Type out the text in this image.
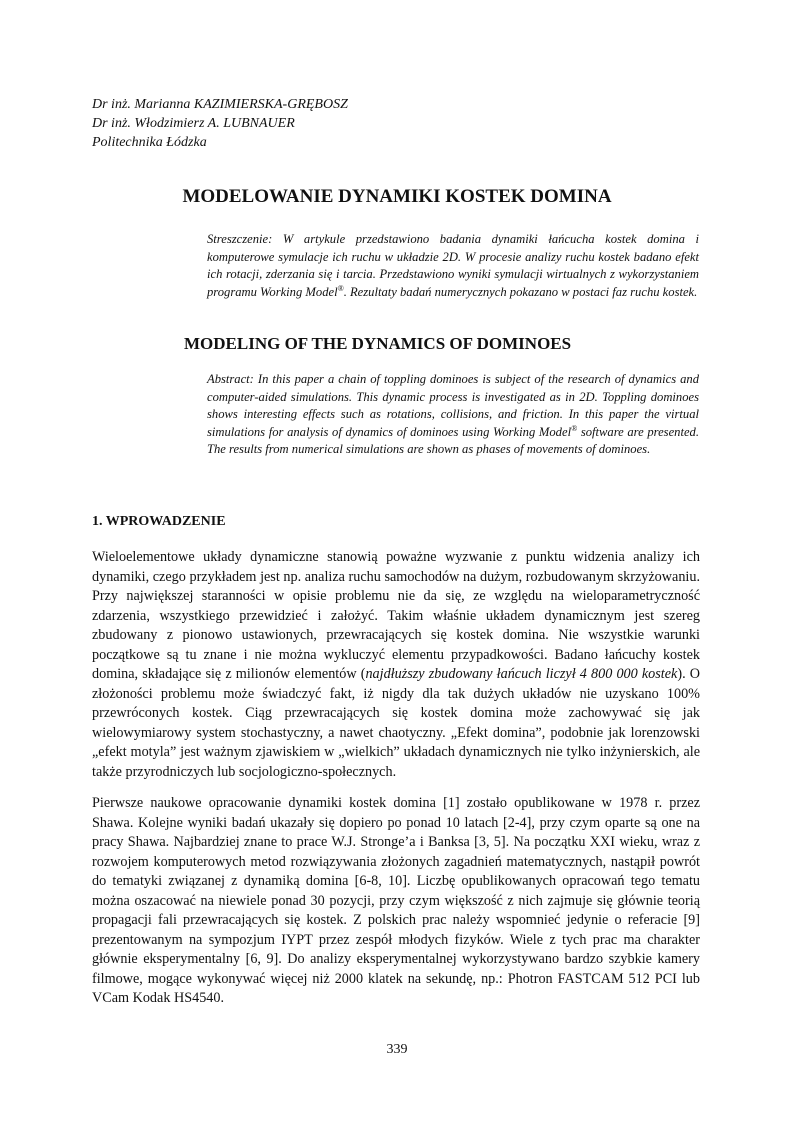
Dr inż. Marianna KAZIMIERSKA-GRĘBOSZ
Dr inż. Włodzimierz A. LUBNAUER
Politechnika Łódzka
MODELOWANIE DYNAMIKI KOSTEK DOMINA
Streszczenie: W artykule przedstawiono badania dynamiki łańcucha kostek domina i komputerowe symulacje ich ruchu w układzie 2D. W procesie analizy ruchu kostek badano efekt ich rotacji, zderzania się i tarcia. Przedstawiono wyniki symulacji wirtualnych z wykorzystaniem programu Working Model®. Rezultaty badań numerycznych pokazano w postaci faz ruchu kostek.
MODELING OF THE DYNAMICS OF DOMINOES
Abstract: In this paper a chain of toppling dominoes is subject of the research of dynamics and computer-aided simulations. This dynamic process is investigated as in 2D. Toppling dominoes shows interesting effects such as rotations, collisions, and friction. In this paper the virtual simulations for analysis of dynamics of dominoes using Working Model® software are presented. The results from numerical simulations are shown as phases of movements of dominoes.
1. WPROWADZENIE
Wieloelementowe układy dynamiczne stanowią poważne wyzwanie z punktu widzenia analizy ich dynamiki, czego przykładem jest np. analiza ruchu samochodów na dużym, rozbudowanym skrzyżowaniu. Przy największej staranności w opisie problemu nie da się, ze względu na wieloparametryczność zdarzenia, wszystkiego przewidzieć i założyć. Takim właśnie układem dynamicznym jest szereg zbudowany z pionowo ustawionych, przewracających się kostek domina. Nie wszystkie warunki początkowe są tu znane i nie można wykluczyć elementu przypadkowości. Badano łańcuchy kostek domina, składające się z milionów elementów (najdłuższy zbudowany łańcuch liczył 4 800 000 kostek). O złożoności problemu może świadczyć fakt, iż nigdy dla tak dużych układów nie uzyskano 100% przewróconych kostek. Ciąg przewracających się kostek domina może zachowywać się jak wielowymiarowy system stochastyczny, a nawet chaotyczny. „Efekt domina”, podobnie jak lorenzowski „efekt motyla” jest ważnym zjawiskiem w „wielkich” układach dynamicznych nie tylko inżynierskich, ale także przyrodniczych lub socjologiczno-społecznych.
Pierwsze naukowe opracowanie dynamiki kostek domina [1] zostało opublikowane w 1978 r. przez Shawa. Kolejne wyniki badań ukazały się dopiero po ponad 10 latach [2-4], przy czym oparte są one na pracy Shawa. Najbardziej znane to prace W.J. Stronge’a i Banksa [3, 5]. Na początku XXI wieku, wraz z rozwojem komputerowych metod rozwiązywania złożonych zagadnień matematycznych, nastąpił powrót do tematyki związanej z dynamiką domina [6-8, 10]. Liczbę opublikowanych opracowań tego tematu można oszacować na niewiele ponad 30 pozycji, przy czym większość z nich zajmuje się głównie teorią propagacji fali przewracających się kostek. Z polskich prac należy wspomnieć jedynie o referacie [9] prezentowanym na sympozjum IYPT przez zespół młodych fizyków. Wiele z tych prac ma charakter głównie eksperymentalny [6, 9]. Do analizy eksperymentalnej wykorzystywano bardzo szybkie kamery filmowe, mogące wykonywać więcej niż 2000 klatek na sekundę, np.: Photron FASTCAM 512 PCI lub VCam Kodak HS4540.
339
